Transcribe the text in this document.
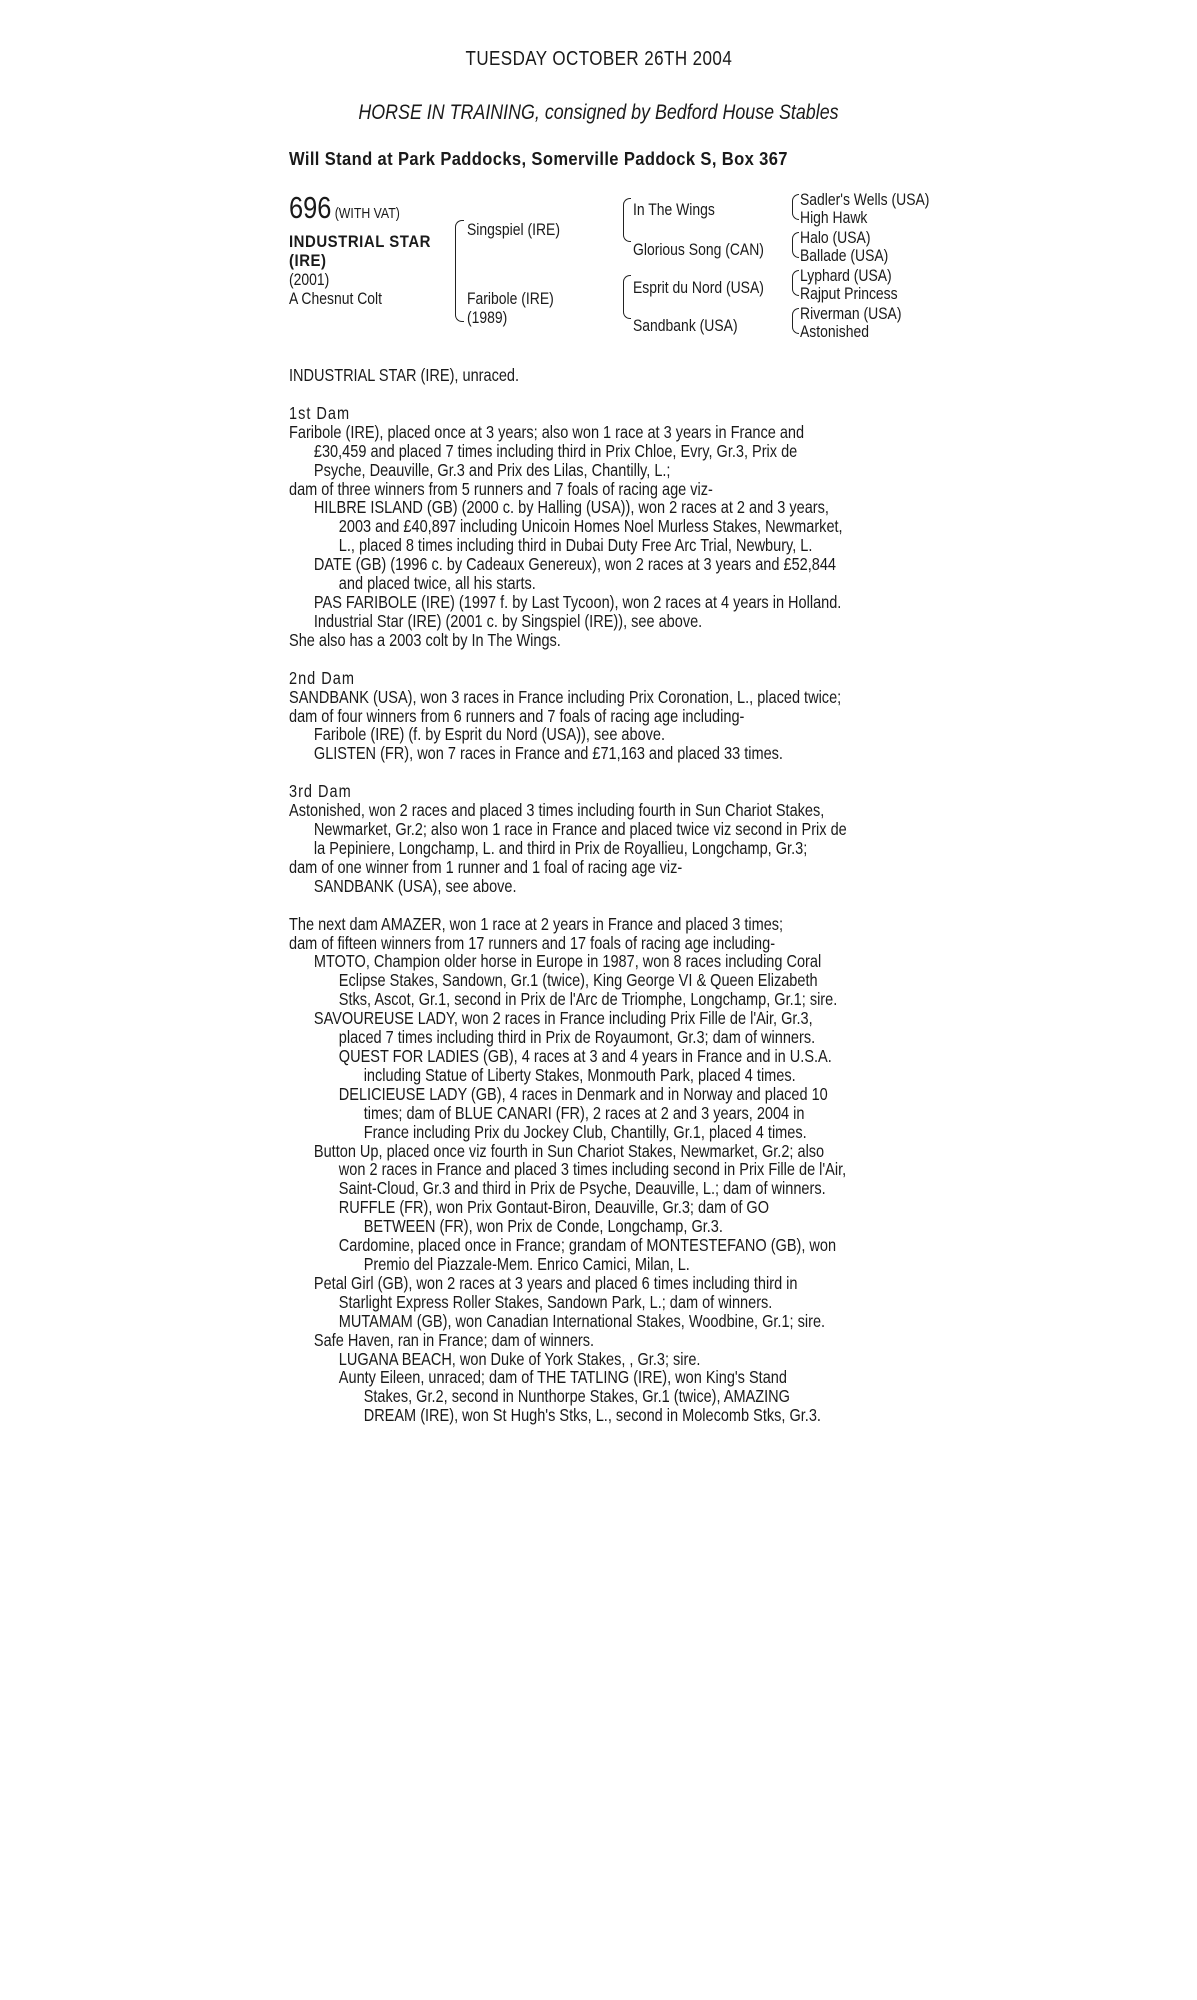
TUESDAY OCTOBER 26TH 2004
HORSE IN TRAINING, consigned by Bedford House Stables
Will Stand at Park Paddocks, Somerville Paddock S, Box 367
696 (WITH VAT)
INDUSTRIAL STAR
(IRE)
(2001)
A Chesnut Colt
Singspiel (IRE)
Faribole (IRE)
(1989)
In The Wings
Glorious Song (CAN)
Esprit du Nord (USA)
Sandbank (USA)
Sadler's Wells (USA)
High Hawk
Halo (USA)
Ballade (USA)
Lyphard (USA)
Rajput Princess
Riverman (USA)
Astonished
INDUSTRIAL STAR (IRE), unraced.
1st Dam
Faribole (IRE), placed once at 3 years; also won 1 race at 3 years in France and
£30,459 and placed 7 times including third in Prix Chloe, Evry, Gr.3, Prix de
Psyche, Deauville, Gr.3 and Prix des Lilas, Chantilly, L.;
dam of three winners from 5 runners and 7 foals of racing age viz-
HILBRE ISLAND (GB) (2000 c. by Halling (USA)), won 2 races at 2 and 3 years,
2003 and £40,897 including Unicoin Homes Noel Murless Stakes, Newmarket,
L., placed 8 times including third in Dubai Duty Free Arc Trial, Newbury, L.
DATE (GB) (1996 c. by Cadeaux Genereux), won 2 races at 3 years and £52,844
and placed twice, all his starts.
PAS FARIBOLE (IRE) (1997 f. by Last Tycoon), won 2 races at 4 years in Holland.
Industrial Star (IRE) (2001 c. by Singspiel (IRE)), see above.
She also has a 2003 colt by In The Wings.
2nd Dam
SANDBANK (USA), won 3 races in France including Prix Coronation, L., placed twice;
dam of four winners from 6 runners and 7 foals of racing age including-
Faribole (IRE) (f. by Esprit du Nord (USA)), see above.
GLISTEN (FR), won 7 races in France and £71,163 and placed 33 times.
3rd Dam
Astonished, won 2 races and placed 3 times including fourth in Sun Chariot Stakes,
Newmarket, Gr.2; also won 1 race in France and placed twice viz second in Prix de
la Pepiniere, Longchamp, L. and third in Prix de Royallieu, Longchamp, Gr.3;
dam of one winner from 1 runner and 1 foal of racing age viz-
SANDBANK (USA), see above.
The next dam AMAZER, won 1 race at 2 years in France and placed 3 times;
dam of fifteen winners from 17 runners and 17 foals of racing age including-
MTOTO, Champion older horse in Europe in 1987, won 8 races including Coral
Eclipse Stakes, Sandown, Gr.1 (twice), King George VI & Queen Elizabeth
Stks, Ascot, Gr.1, second in Prix de l'Arc de Triomphe, Longchamp, Gr.1; sire.
SAVOUREUSE LADY, won 2 races in France including Prix Fille de l'Air, Gr.3,
placed 7 times including third in Prix de Royaumont, Gr.3; dam of winners.
QUEST FOR LADIES (GB), 4 races at 3 and 4 years in France and in U.S.A.
including Statue of Liberty Stakes, Monmouth Park, placed 4 times.
DELICIEUSE LADY (GB), 4 races in Denmark and in Norway and placed 10
times; dam of BLUE CANARI (FR), 2 races at 2 and 3 years, 2004 in
France including Prix du Jockey Club, Chantilly, Gr.1, placed 4 times.
Button Up, placed once viz fourth in Sun Chariot Stakes, Newmarket, Gr.2; also
won 2 races in France and placed 3 times including second in Prix Fille de l'Air,
Saint-Cloud, Gr.3 and third in Prix de Psyche, Deauville, L.; dam of winners.
RUFFLE (FR), won Prix Gontaut-Biron, Deauville, Gr.3; dam of GO
BETWEEN (FR), won Prix de Conde, Longchamp, Gr.3.
Cardomine, placed once in France; grandam of MONTESTEFANO (GB), won
Premio del Piazzale-Mem. Enrico Camici, Milan, L.
Petal Girl (GB), won 2 races at 3 years and placed 6 times including third in
Starlight Express Roller Stakes, Sandown Park, L.; dam of winners.
MUTAMAM (GB), won Canadian International Stakes, Woodbine, Gr.1; sire.
Safe Haven, ran in France; dam of winners.
LUGANA BEACH, won Duke of York Stakes, , Gr.3; sire.
Aunty Eileen, unraced; dam of THE TATLING (IRE), won King's Stand
Stakes, Gr.2, second in Nunthorpe Stakes, Gr.1 (twice), AMAZING
DREAM (IRE), won St Hugh's Stks, L., second in Molecomb Stks, Gr.3.
